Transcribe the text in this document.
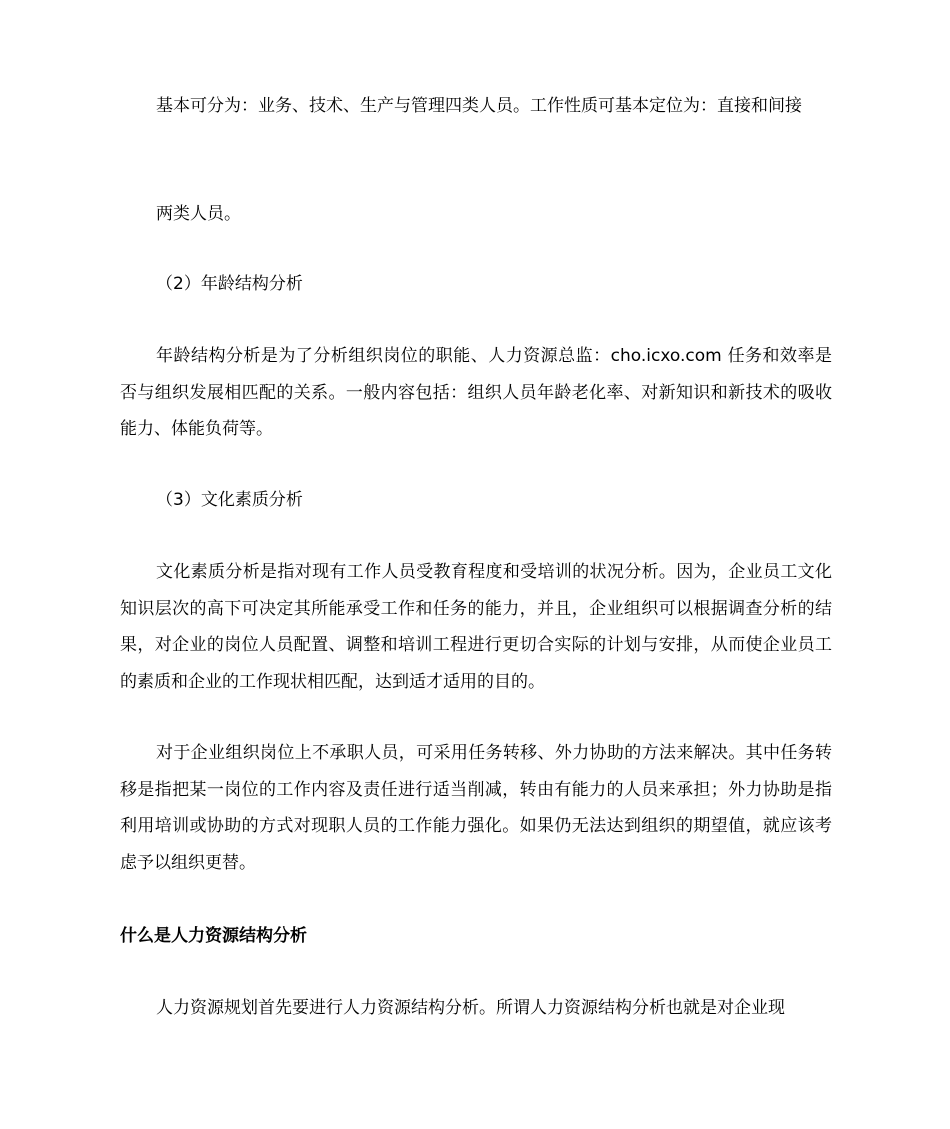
基本可分为：业务、技术、生产与管理四类人员。工作性质可基本定位为：直接和间接

两类人员。

（2）年龄结构分析

年龄结构分析是为了分析组织岗位的职能、人力资源总监：cho.icxo.com 任务和效率是否与组织发展相匹配的关系。一般内容包括：组织人员年龄老化率、对新知识和新技术的吸收能力、体能负荷等。

（3）文化素质分析

文化素质分析是指对现有工作人员受教育程度和受培训的状况分析。因为，企业员工文化知识层次的高下可决定其所能承受工作和任务的能力，并且，企业组织可以根据调查分析的结果，对企业的岗位人员配置、调整和培训工程进行更切合实际的计划与安排，从而使企业员工的素质和企业的工作现状相匹配，达到适才适用的目的。

对于企业组织岗位上不承职人员，可采用任务转移、外力协助的方法来解决。其中任务转移是指把某一岗位的工作内容及责任进行适当削减，转由有能力的人员来承担；外力协助是指利用培训或协助的方式对现职人员的工作能力强化。如果仍无法达到组织的期望值，就应该考虑予以组织更替。

什么是人力资源结构分析

人力资源规划首先要进行人力资源结构分析。所谓人力资源结构分析也就是对企业现
